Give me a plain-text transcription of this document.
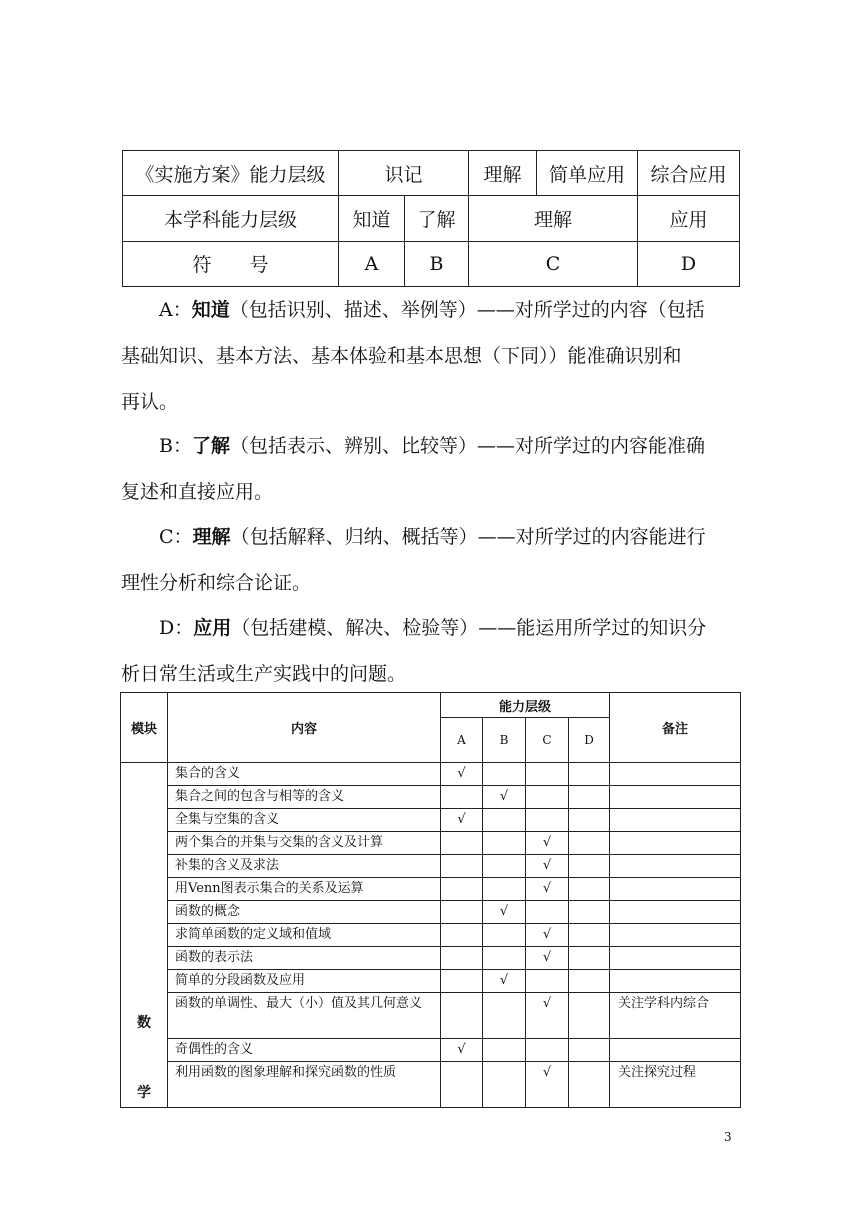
《实施方案》能力层级	识记		理解	简单应用	综合应用
本学科能力层级	知道	了解	理解		应用
符　　号	A	B	C		D
A：知道（包括识别、描述、举例等）——对所学过的内容（包括
基础知识、基本方法、基本体验和基本思想（下同））能准确识别和
再认。
B：了解（包括表示、辨别、比较等）——对所学过的内容能准确
复述和直接应用。
C：理解（包括解释、归纳、概括等）——对所学过的内容能进行
理性分析和综合论证。
D：应用（包括建模、解决、检验等）——能运用所学过的知识分
析日常生活或生产实践中的问题。
模块	内容	能力层级				备注
		A	B	C	D	

数
学	集合的含义	√				
	集合之间的包含与相等的含义		√			
	全集与空集的含义	√				
	两个集合的并集与交集的含义及计算			√		
	补集的含义及求法			√		
	用Venn图表示集合的关系及运算			√		
	函数的概念		√			
	求简单函数的定义域和值域			√		
	函数的表示法			√		
	简单的分段函数及应用		√			
	函数的单调性、最大（小）值及其几何意义			√		关注学科内综合
	奇偶性的含义	√				
	利用函数的图象理解和探究函数的性质			√		关注探究过程
3
